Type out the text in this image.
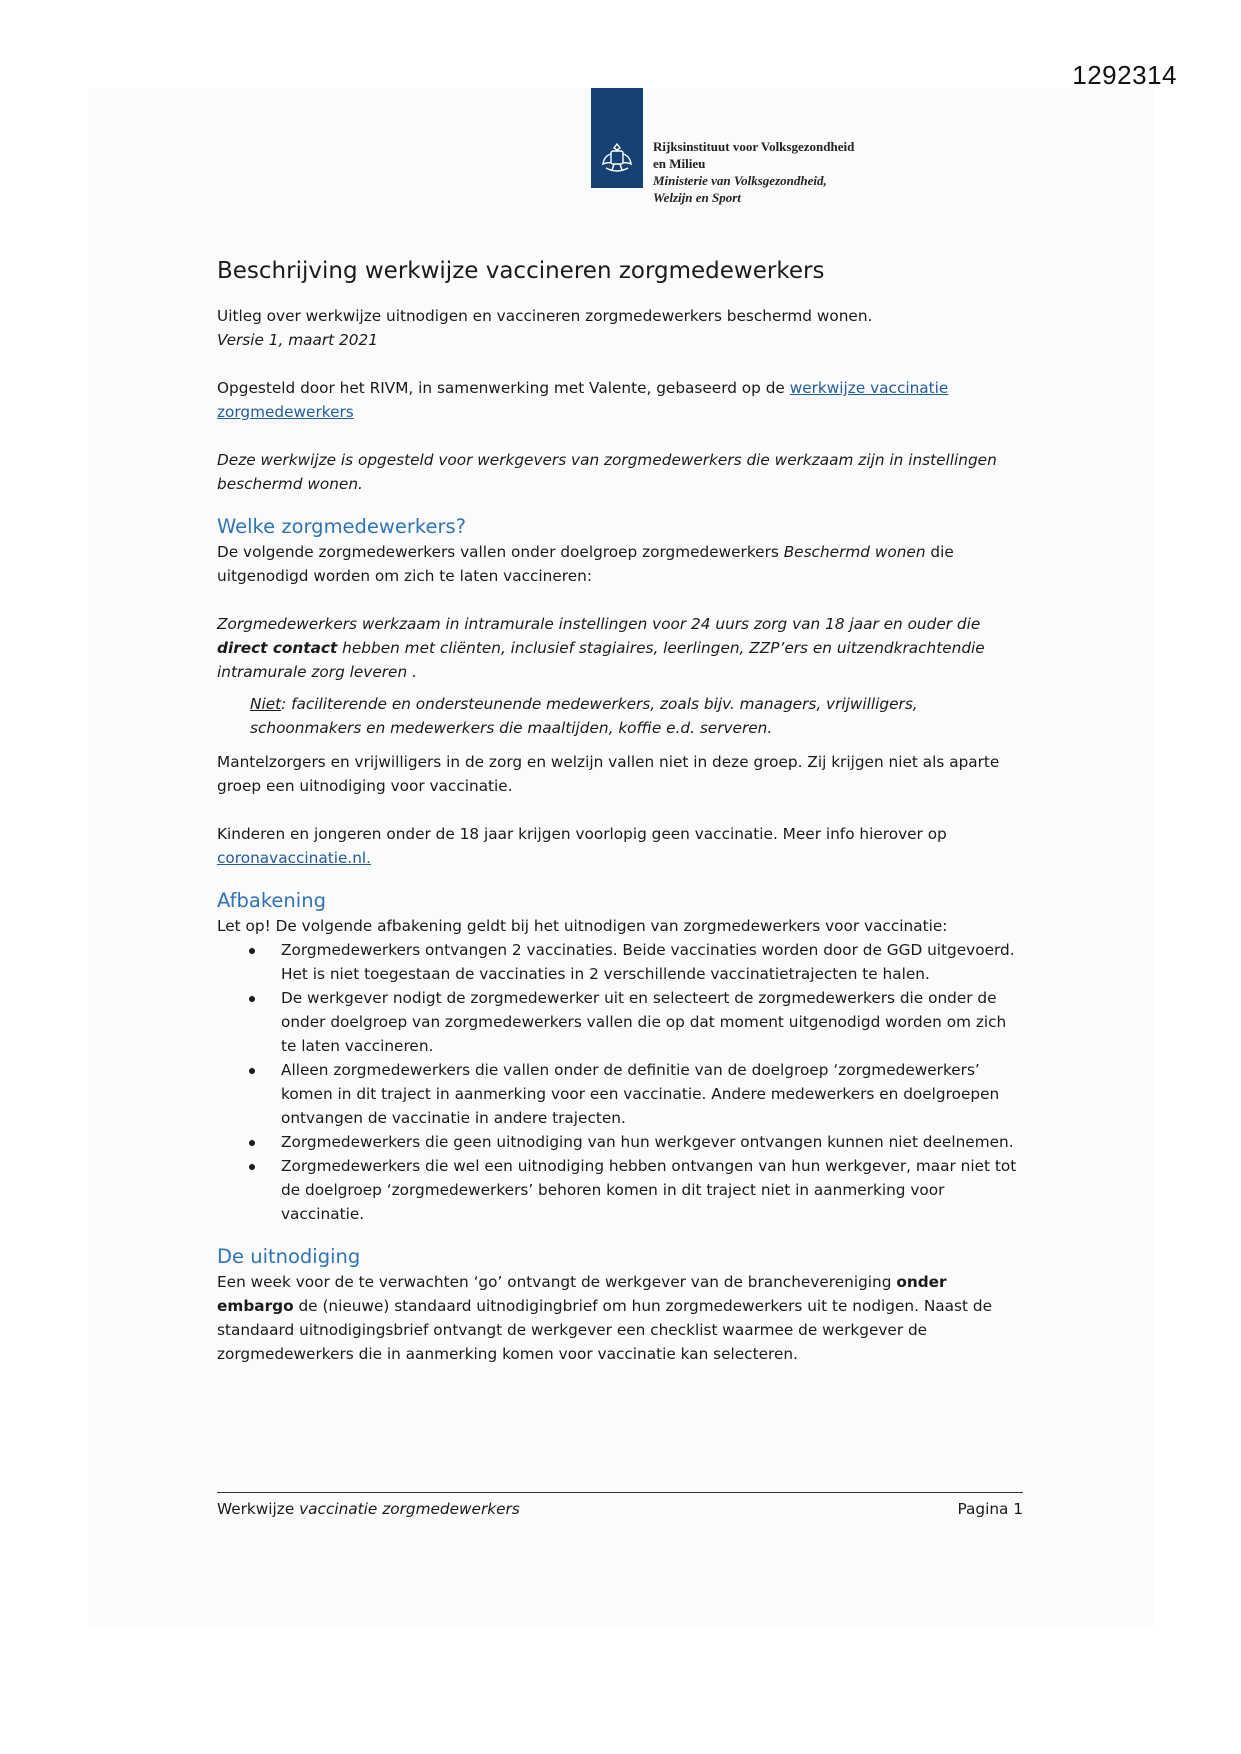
1292314
Rijksinstituut voor Volksgezondheid
en Milieu
Ministerie van Volksgezondheid,
Welzijn en Sport
Beschrijving werkwijze vaccineren zorgmedewerkers

Uitleg over werkwijze uitnodigen en vaccineren zorgmedewerkers beschermd wonen.

Versie 1, maart 2021

Opgesteld door het RIVM, in samenwerking met Valente, gebaseerd op de werkwijze vaccinatie zorgmedewerkers

Deze werkwijze is opgesteld voor werkgevers van zorgmedewerkers die werkzaam zijn in instellingen beschermd wonen.

Welke zorgmedewerkers?

De volgende zorgmedewerkers vallen onder doelgroep zorgmedewerkers Beschermd wonen die uitgenodigd worden om zich te laten vaccineren:

Zorgmedewerkers werkzaam in intramurale instellingen voor 24 uurs zorg van 18 jaar en ouder die direct contact hebben met cliënten, inclusief stagiaires, leerlingen, ZZP’ers en uitzendkrachtendie intramurale zorg leveren .

Niet: faciliterende en ondersteunende medewerkers, zoals bijv. managers, vrijwilligers, schoonmakers en medewerkers die maaltijden, koffie e.d. serveren.

Mantelzorgers en vrijwilligers in de zorg en welzijn vallen niet in deze groep. Zij krijgen niet als aparte groep een uitnodiging voor vaccinatie.

Kinderen en jongeren onder de 18 jaar krijgen voorlopig geen vaccinatie. Meer info hierover op coronavaccinatie.nl.

Afbakening

Let op! De volgende afbakening geldt bij het uitnodigen van zorgmedewerkers voor vaccinatie:

Zorgmedewerkers ontvangen 2 vaccinaties. Beide vaccinaties worden door de GGD uitgevoerd. Het is niet toegestaan de vaccinaties in 2 verschillende vaccinatietrajecten te halen.
De werkgever nodigt de zorgmedewerker uit en selecteert de zorgmedewerkers die onder de onder doelgroep van zorgmedewerkers vallen die op dat moment uitgenodigd worden om zich te laten vaccineren.
Alleen zorgmedewerkers die vallen onder de definitie van de doelgroep ‘zorgmedewerkers’ komen in dit traject in aanmerking voor een vaccinatie. Andere medewerkers en doelgroepen ontvangen de vaccinatie in andere trajecten.
Zorgmedewerkers die geen uitnodiging van hun werkgever ontvangen kunnen niet deelnemen.
Zorgmedewerkers die wel een uitnodiging hebben ontvangen van hun werkgever, maar niet tot de doelgroep ‘zorgmedewerkers’ behoren komen in dit traject niet in aanmerking voor vaccinatie.
De uitnodiging

Een week voor de te verwachten ‘go’ ontvangt de werkgever van de branchevereniging onder embargo de (nieuwe) standaard uitnodigingbrief om hun zorgmedewerkers uit te nodigen. Naast de standaard uitnodigingsbrief ontvangt de werkgever een checklist waarmee de werkgever de zorgmedewerkers die in aanmerking komen voor vaccinatie kan selecteren.

Werkwijze vaccinatie zorgmedewerkers	Pagina 1
